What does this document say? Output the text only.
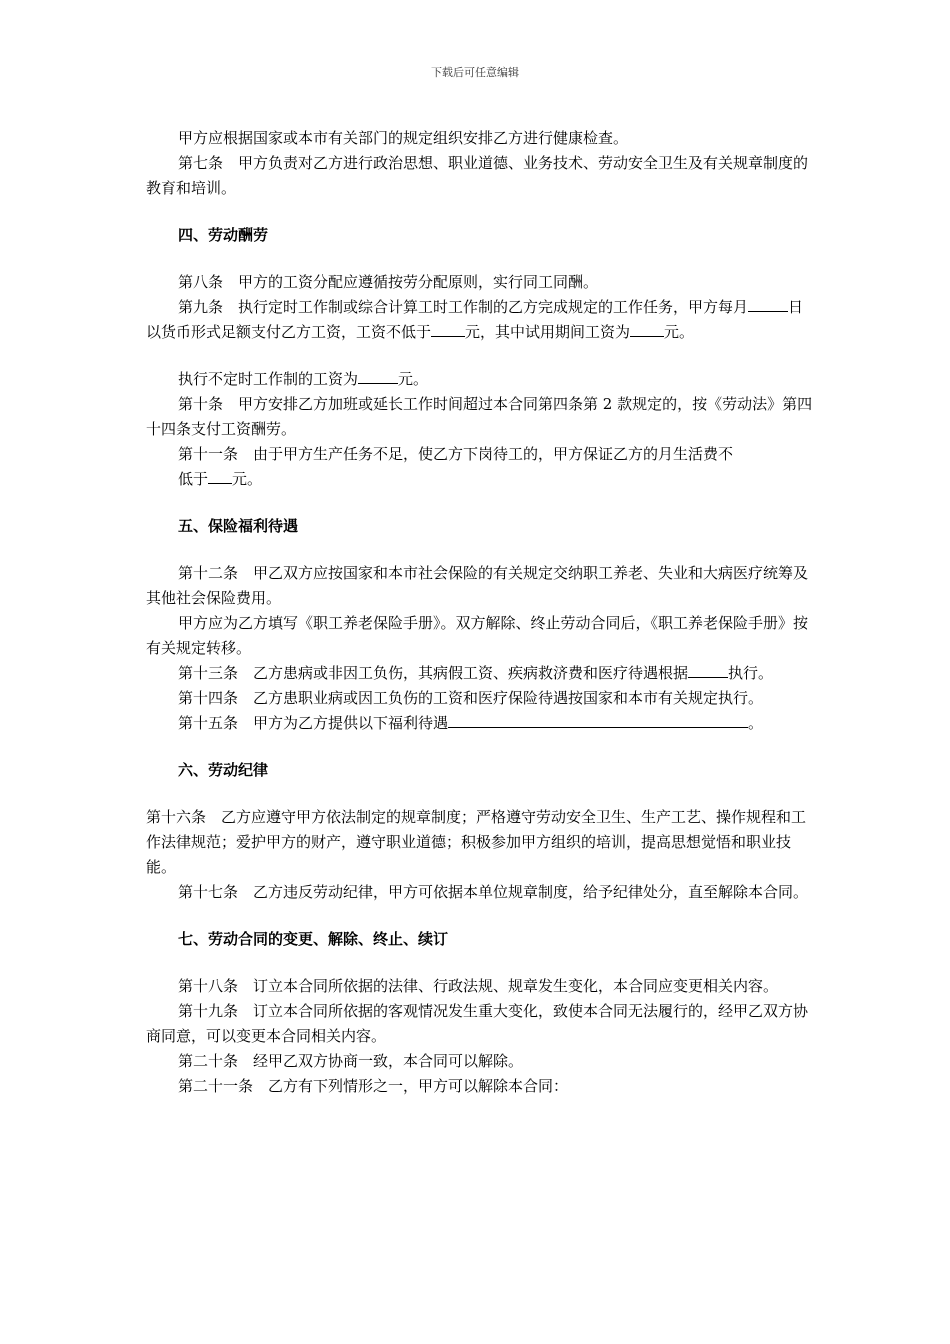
下载后可任意编辑

甲方应根据国家或本市有关部门的规定组织安排乙方进行健康检查。

第七条　甲方负责对乙方进行政治思想、职业道德、业务技术、劳动安全卫生及有关规章制度的教育和培训。

四、劳动酬劳

第八条　甲方的工资分配应遵循按劳分配原则，实行同工同酬。

第九条　执行定时工作制或综合计算工时工作制的乙方完成规定的工作任务，甲方每月	日以货币形式足额支付乙方工资，工资不低于 元，其中试用期间工资为 元。

执行不定时工作制的工资为	元。

第十条　甲方安排乙方加班或延长工作时间超过本合同第四条第 2 款规定的，按《劳动法》第四十四条支付工资酬劳。

第十一条　由于甲方生产任务不足，使乙方下岗待工的，甲方保证乙方的月生活费不

低于 元。

五、保险福利待遇

第十二条　甲乙双方应按国家和本市社会保险的有关规定交纳职工养老、失业和大病医疗统筹及其他社会保险费用。

甲方应为乙方填写《职工养老保险手册》。双方解除、终止劳动合同后，《职工养老保险手册》按有关规定转移。

第十三条　乙方患病或非因工负伤，其病假工资、疾病救济费和医疗待遇根据	执行。

第十四条　乙方患职业病或因工负伤的工资和医疗保险待遇按国家和本市有关规定执行。

第十五条　甲方为乙方提供以下福利待遇	。

六、劳动纪律

第十六条　乙方应遵守甲方依法制定的规章制度；严格遵守劳动安全卫生、生产工艺、操作规程和工作法律规范；爱护甲方的财产，遵守职业道德；积极参加甲方组织的培训，提高思想觉悟和职业技能。

第十七条　乙方违反劳动纪律，甲方可依据本单位规章制度，给予纪律处分，直至解除本合同。

七、劳动合同的变更、解除、终止、续订

第十八条　订立本合同所依据的法律、行政法规、规章发生变化，本合同应变更相关内容。

第十九条　订立本合同所依据的客观情况发生重大变化，致使本合同无法履行的，经甲乙双方协商同意，可以变更本合同相关内容。

第二十条　经甲乙双方协商一致，本合同可以解除。

第二十一条　乙方有下列情形之一，甲方可以解除本合同：
